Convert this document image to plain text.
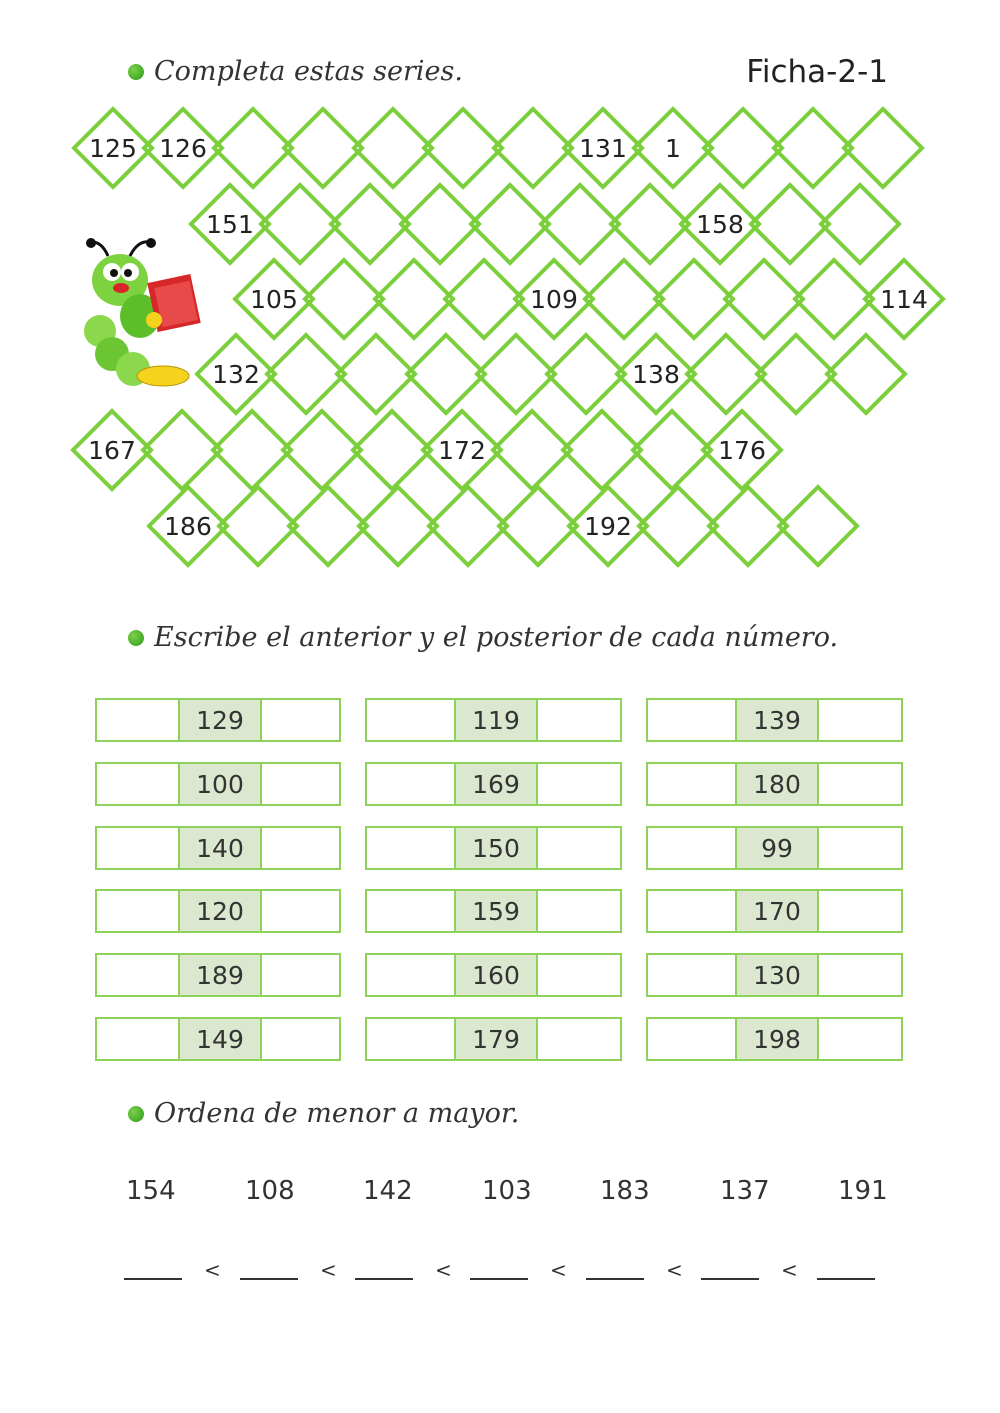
Completa estas series.	Ficha-2-1
125 126	131 1
151	158
105	109	114
132	138
167	172	176
186	192
Escribe el anterior y el posterior de cada número.
129	119	139
100	169	180
140	150	99
120	159	170
189	160	130
149	179	198
Ordena de menor a mayor.
154	108	142	103	183	137	191
<	<	<	<	<	<
